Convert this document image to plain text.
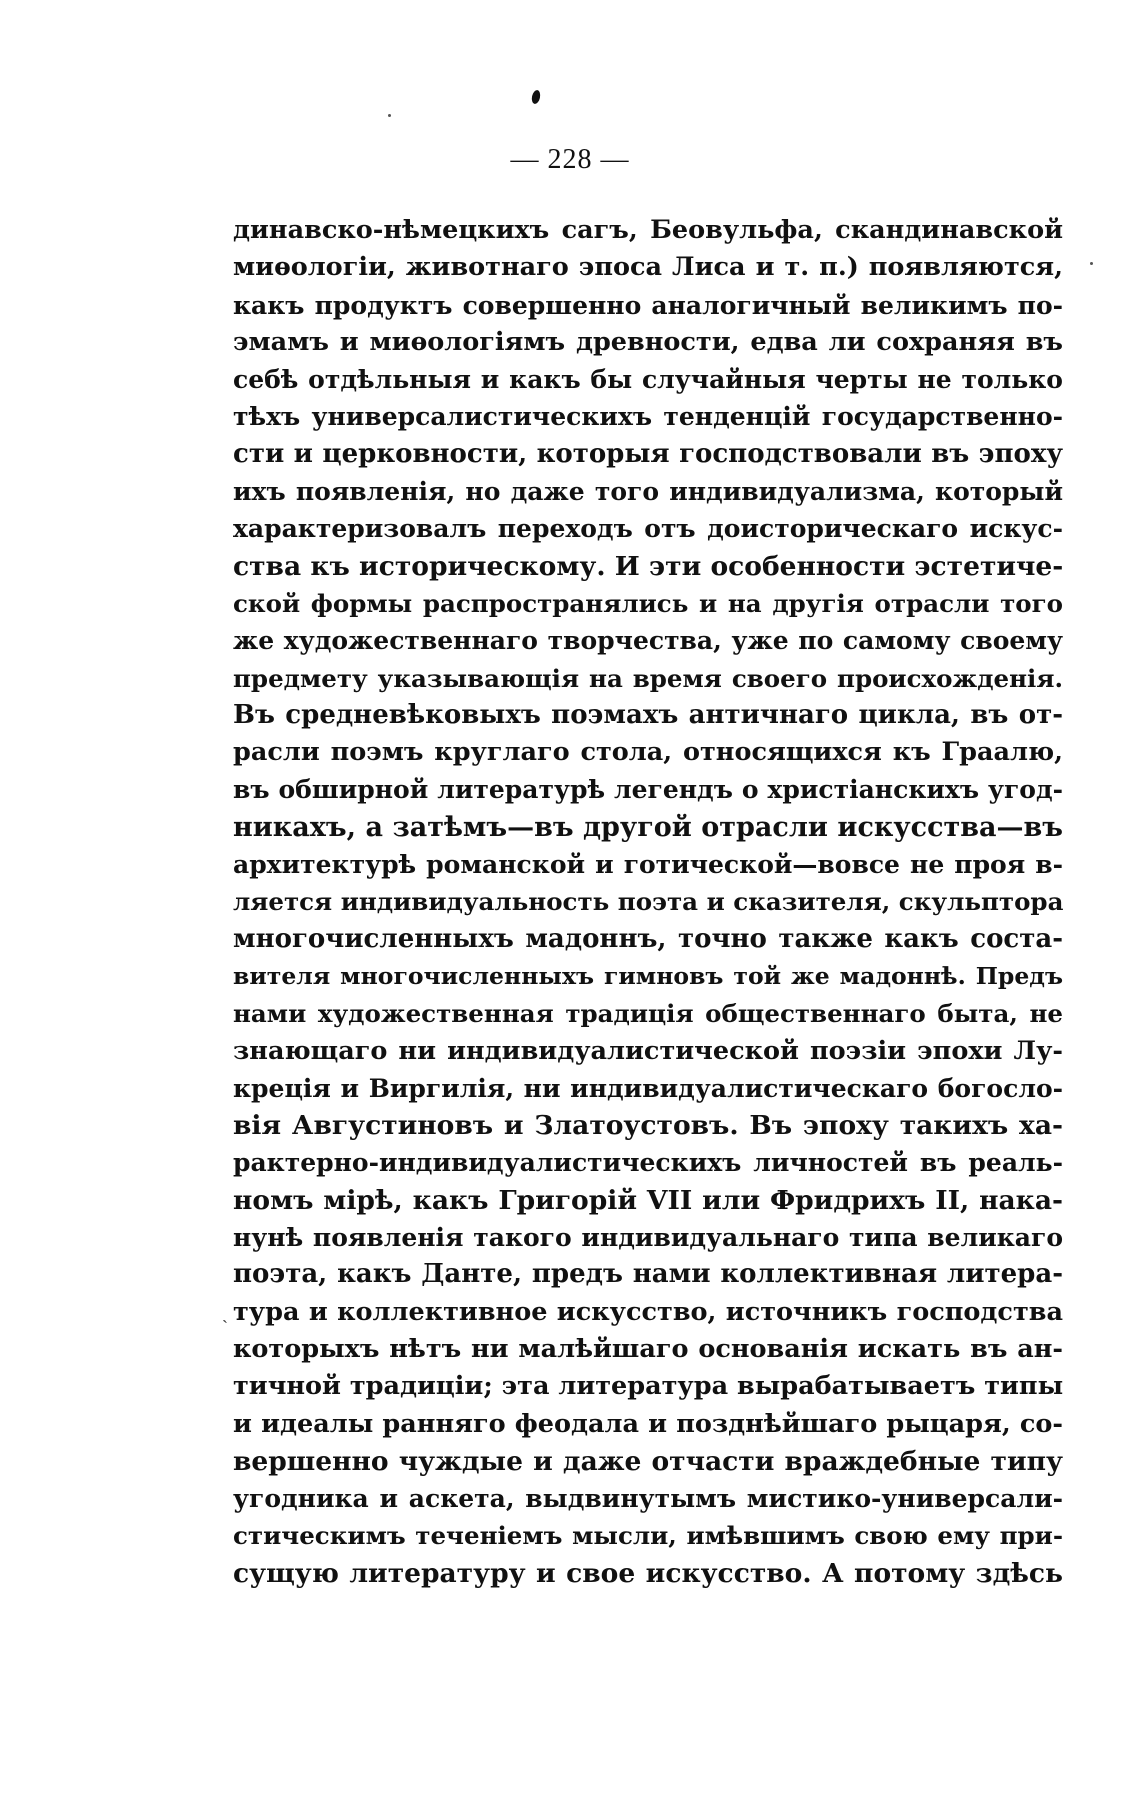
— 228 —
ˎ
динавско-нѣмецкихъ сагъ, Беовульфа, скандинавской
миѳологіи, животнаго эпоса Лиса и т. п.) появляются,
какъ продуктъ совершенно аналогичный великимъ по-
эмамъ и миѳологіямъ древности, едва ли сохраняя въ
себѣ отдѣльныя и какъ бы случайныя черты не только
тѣхъ универсалистическихъ тенденцій государственно-
сти и церковности, которыя господствовали въ эпоху
ихъ появленія, но даже того индивидуализма, который
характеризовалъ переходъ отъ доисторическаго искус-
ства къ историческому. И эти особенности эстетиче-
ской формы распространялись и на другія отрасли того
же художественнаго творчества, уже по самому своему
предмету указывающія на время своего происхожденія.
Въ средневѣковыхъ поэмахъ античнаго цикла, въ от-
расли поэмъ круглаго стола, относящихся къ Граалю,
въ обширной литературѣ легендъ о христіанскихъ угод-
никахъ, а затѣмъ—въ другой отрасли искусства—въ
архитектурѣ романской и готической—вовсе не проя в-
ляется индивидуальность поэта и сказителя, скульптора
многочисленныхъ мадоннъ, точно также какъ соста-
вителя многочисленныхъ гимновъ той же мадоннѣ. Предъ
нами художественная традиція общественнаго быта, не
знающаго ни индивидуалистической поэзіи эпохи Лу-
креція и Виргилія, ни индивидуалистическаго богосло-
вія Августиновъ и Златоустовъ. Въ эпоху такихъ ха-
рактерно-индивидуалистическихъ личностей въ реаль-
номъ мірѣ, какъ Григорій VII или Фридрихъ II, нака-
нунѣ появленія такого индивидуальнаго типа великаго
поэта, какъ Данте, предъ нами коллективная литера-
тура и коллективное искусство, источникъ господства
которыхъ нѣтъ ни малѣйшаго основанія искать въ ан-
тичной традиціи; эта литература вырабатываетъ типы
и идеалы ранняго феодала и позднѣйшаго рыцаря, со-
вершенно чуждые и даже отчасти враждебные типу
угодника и аскета, выдвинутымъ мистико-универсали-
стическимъ теченіемъ мысли, имѣвшимъ свою ему при-
сущую литературу и свое искусство. А потому здѣсь
